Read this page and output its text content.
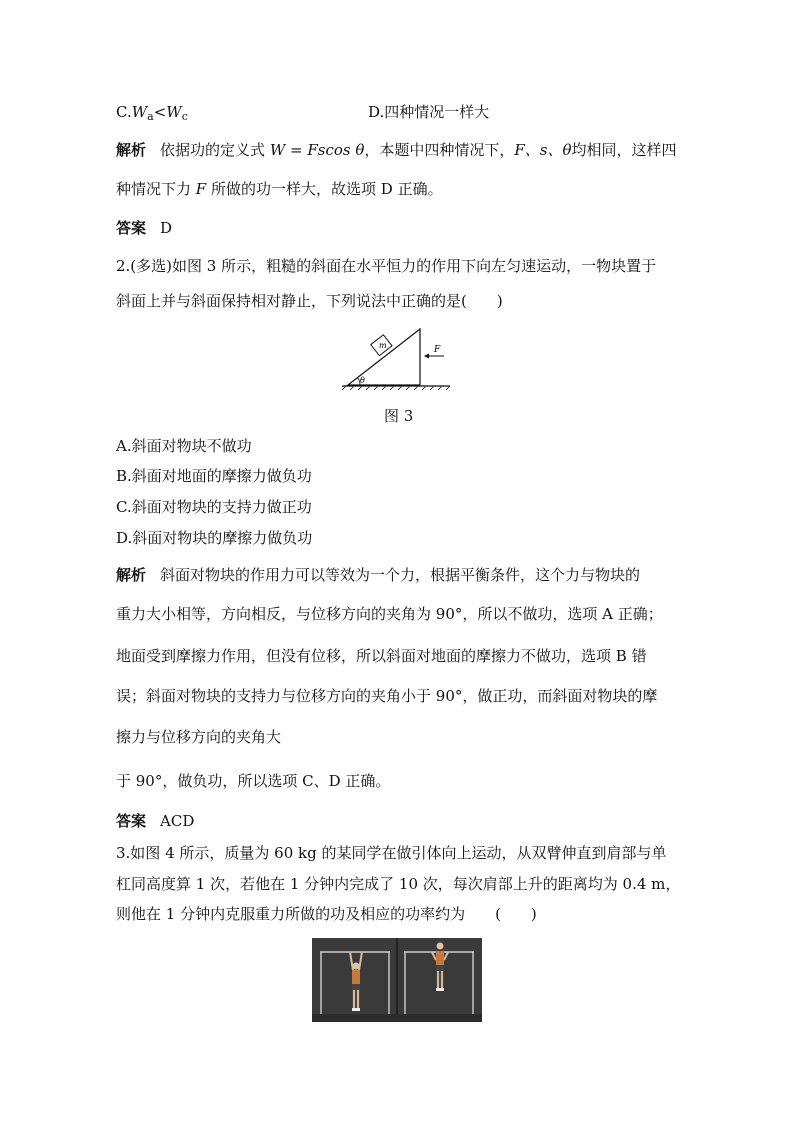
$C.W_a<W_c$	D.四种情况一样大
解析 依据功的定义式 W = Fscos θ，本题中四种情况下，F、s、θ均相同，这样四
种情况下力 F 所做的功一样大，故选项 D 正确。
答案 D
2.(多选)如图 3 所示，粗糙的斜面在水平恒力的作用下向左匀速运动，一物块置于
斜面上并与斜面保持相对静止，下列说法中正确的是(　　)
m
θ
F
图 3
A.斜面对物块不做功
B.斜面对地面的摩擦力做负功
C.斜面对物块的支持力做正功
D.斜面对物块的摩擦力做负功
解析 斜面对物块的作用力可以等效为一个力，根据平衡条件，这个力与物块的
重力大小相等，方向相反，与位移方向的夹角为 90°，所以不做功，选项 A 正确；
地面受到摩擦力作用，但没有位移，所以斜面对地面的摩擦力不做功，选项 B 错
误；斜面对物块的支持力与位移方向的夹角小于 90°，做正功，而斜面对物块的摩
擦力与位移方向的夹角大
于 90°，做负功，所以选项 C、D 正确。
答案 ACD
3.如图 4 所示，质量为 60 kg 的某同学在做引体向上运动，从双臂伸直到肩部与单
杠同高度算 1 次，若他在 1 分钟内完成了 10 次，每次肩部上升的距离均为 0.4 m，
则他在 1 分钟内克服重力所做的功及相应的功率约为　　(　　)
